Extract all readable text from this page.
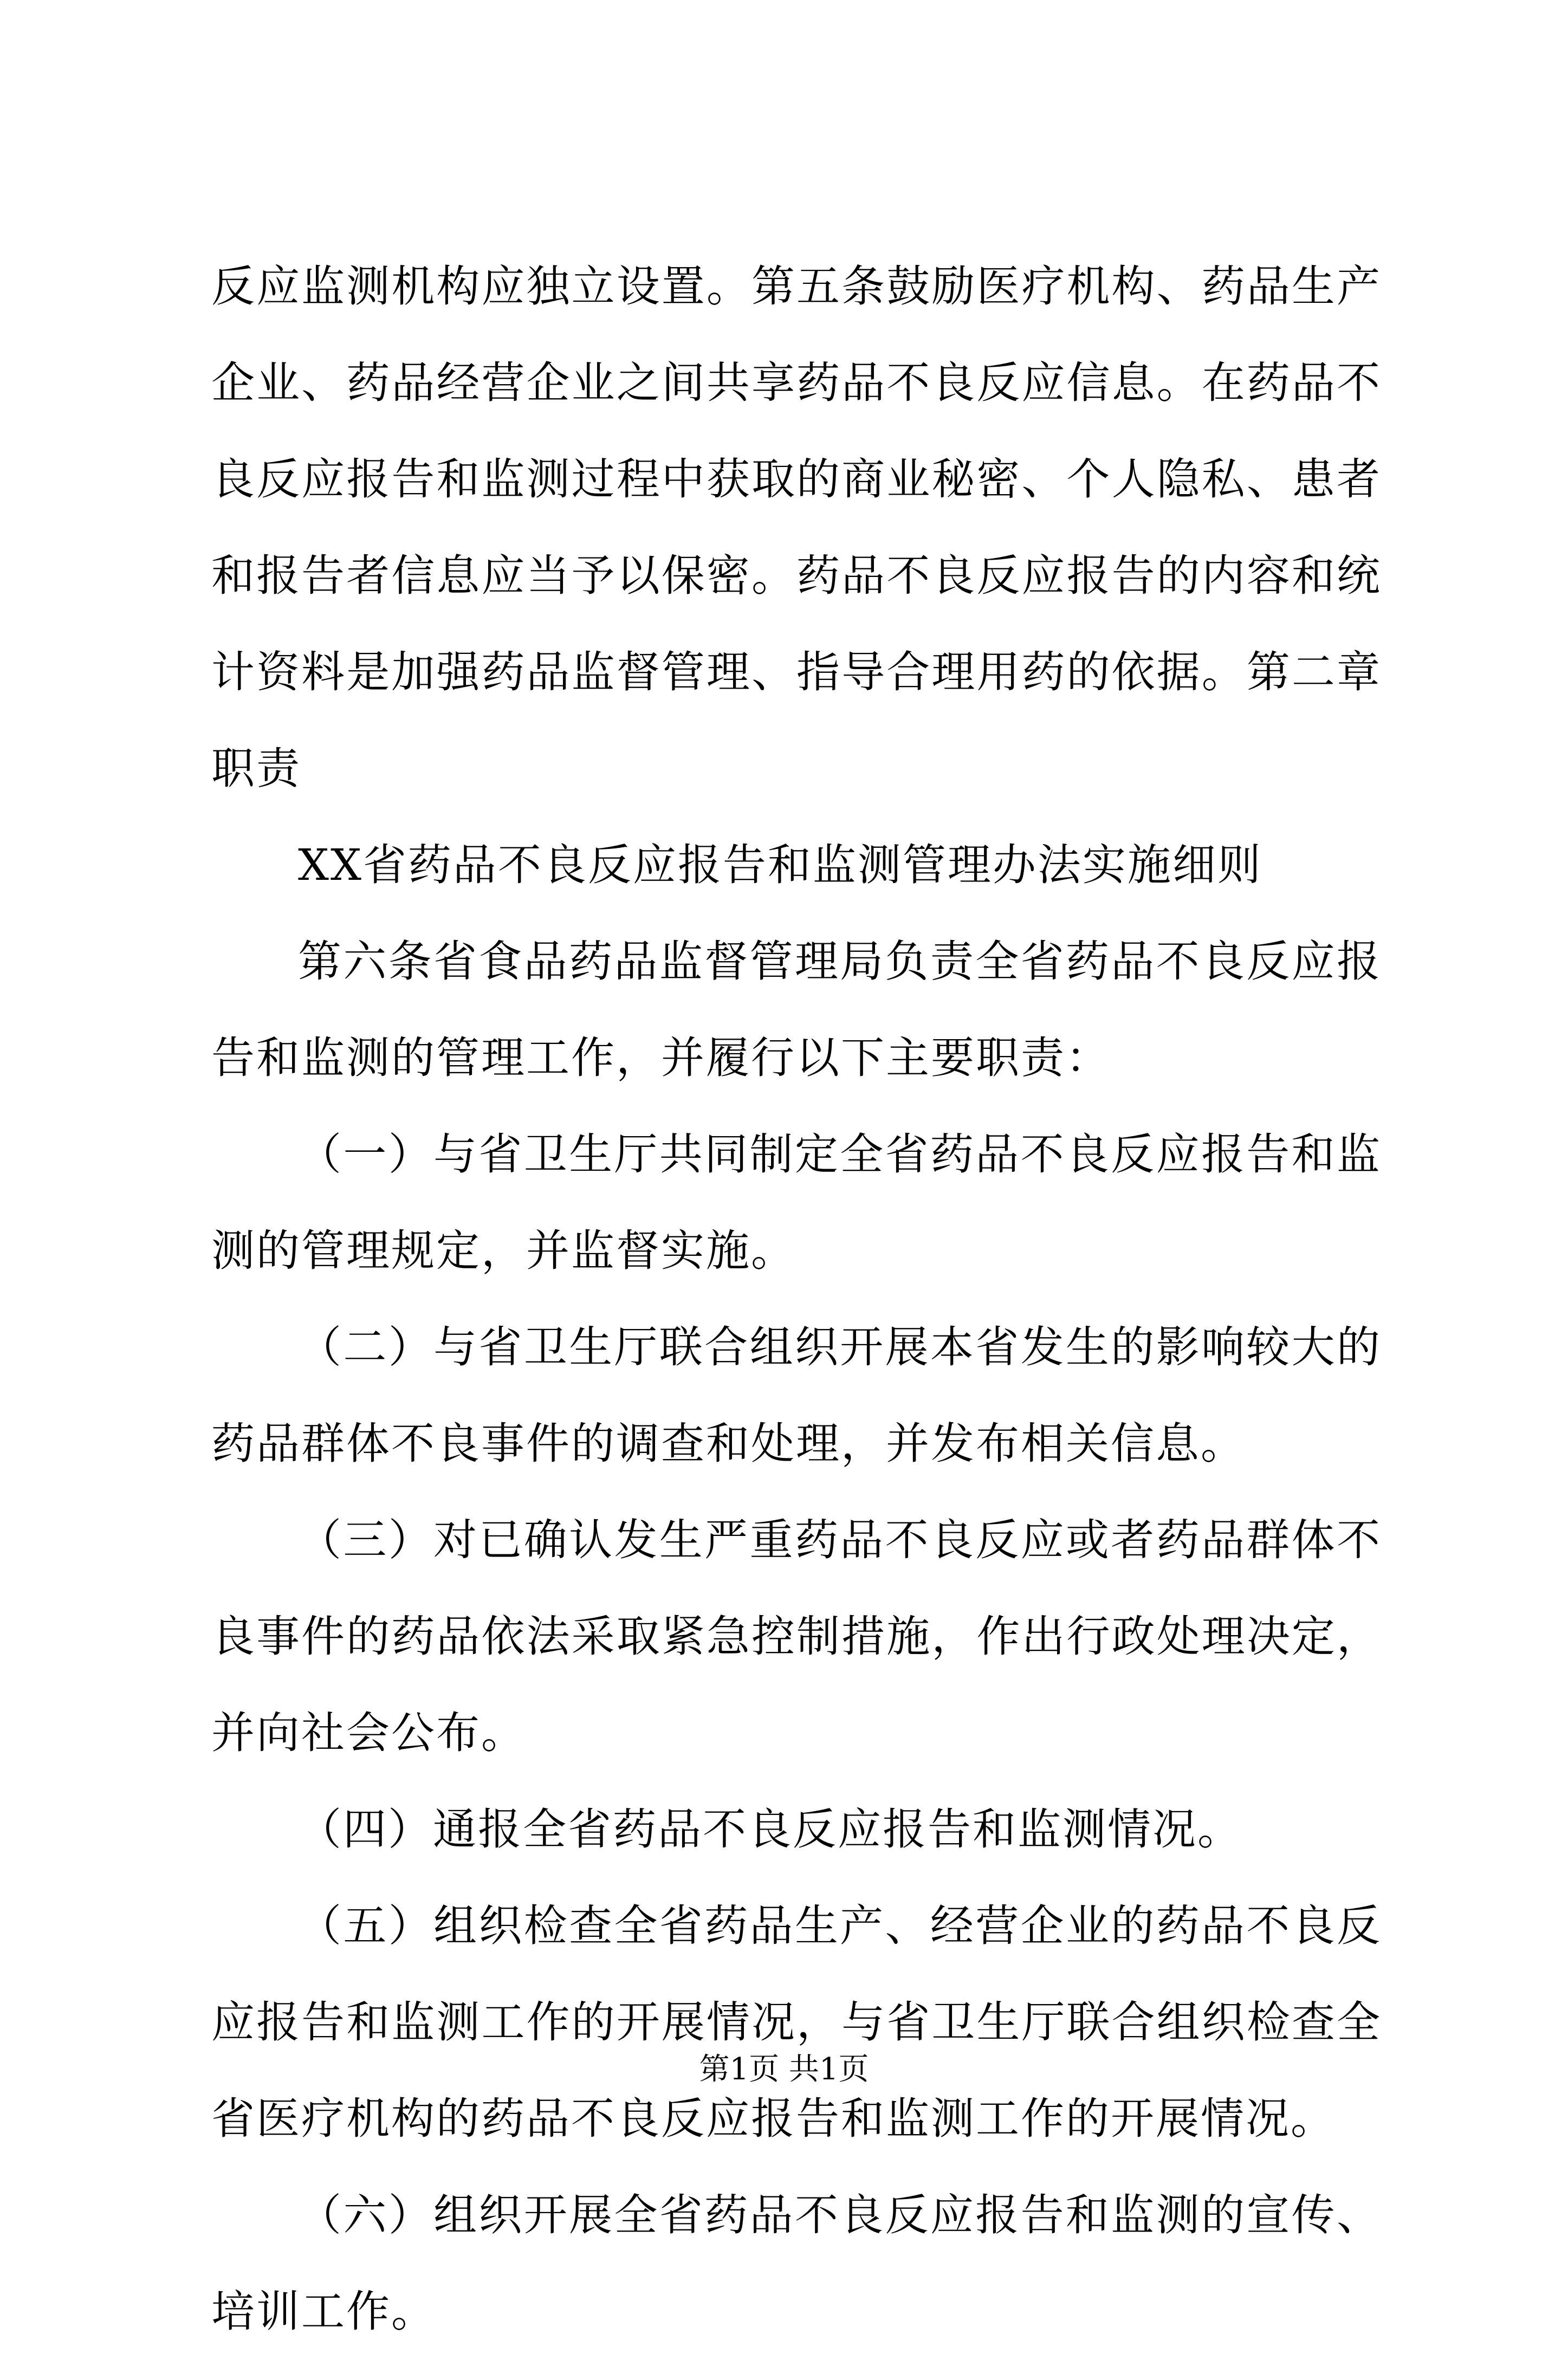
反应监测机构应独立设置。第五条鼓励医疗机构、药品生产企业、药品经营企业之间共享药品不良反应信息。在药品不良反应报告和监测过程中获取的商业秘密、个人隐私、患者和报告者信息应当予以保密。药品不良反应报告的内容和统计资料是加强药品监督管理、指导合理用药的依据。第二章职责

XX省药品不良反应报告和监测管理办法实施细则

第六条省食品药品监督管理局负责全省药品不良反应报告和监测的管理工作，并履行以下主要职责：

（一）与省卫生厅共同制定全省药品不良反应报告和监测的管理规定，并监督实施。

（二）与省卫生厅联合组织开展本省发生的影响较大的药品群体不良事件的调查和处理，并发布相关信息。

（三）对已确认发生严重药品不良反应或者药品群体不良事件的药品依法采取紧急控制措施，作出行政处理决定，并向社会公布。

（四）通报全省药品不良反应报告和监测情况。

（五）组织检查全省药品生产、经营企业的药品不良反应报告和监测工作的开展情况，与省卫生厅联合组织检查全省医疗机构的药品不良反应报告和监测工作的开展情况。

（六）组织开展全省药品不良反应报告和监测的宣传、培训工作。

第1页 共1页
